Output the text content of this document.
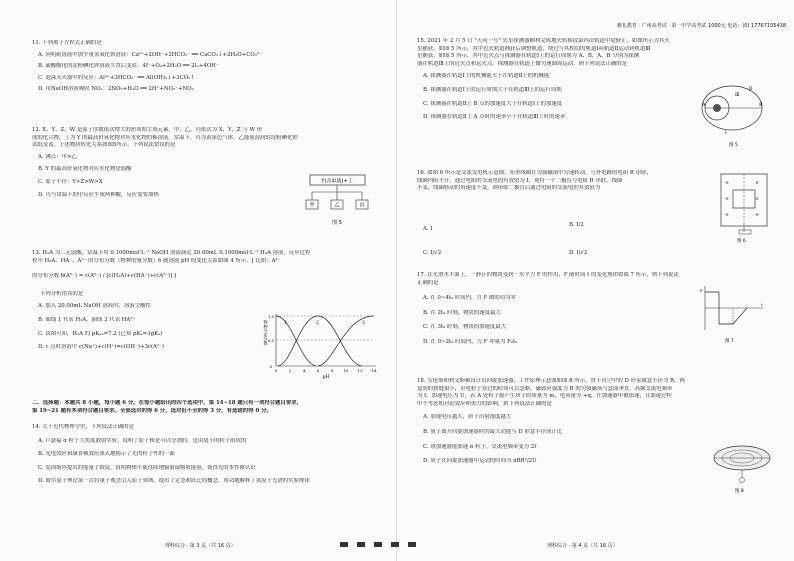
11. 下列离子方程式正确的是
A. 向明矾溶液中加少量氢氧化钡溶液：Ca²⁺+2OH⁻+2HCO₃⁻ ══ CaCO₃↓+2H₂O+CO₃²⁻
B. 硫酸酸化的淀粉碘化钾溶液久置后变蓝：4I⁻+O₂+2H₂O ══ 2I₂+4OH⁻
C. 泡沫灭火器中的反应：Al³⁺+3HCO₃⁻ ══ Al(OH)₃↓+3CO₂↑
D. 用NaOH溶液吸收 NO₂：2NO₂+H₂O ══ 2H⁺+NO₃⁻+NO₂
12. X、Y、Z、W 是原子序数依次增大的短周期主族元素，甲、乙、丙依次为 X、Y、Z 与 W 形
成的化合物，丁为 Y 的最高价氧化物对应水化物的稀溶液。常温下，丙为黄绿色气体，乙能使湿润的淀粉碘化钾
试纸变蓝。上述物质转化关系如图5所示，下列说法错误的是
A. 沸点：甲>乙
B. Y 的最高价氧化物对应水化物是弱酸
C. 原子半径：Y>Z>W>X
D. 丙与常温下的甲反应生成两种酸，反应需要加热
Y(含单质)+丁
甲	乙	丙
图 5
13. H₂A 为二元弱酸，常温下用 0.1000mol·L⁻¹ NaOH 溶液滴定 20.00mL 0.1000mol·L⁻¹ H₂A 溶液，反应过程
程中 H₂A、HA⁻、A²⁻ 的分布分数（物种的量分数）δ 随溶液 pH 的变化关系如图 4 所示。[ 比如：A²⁻
的分布分数 δ(A²⁻) = c(A²⁻) / [c(H₂A)+c(HA⁻)+c(A²⁻)] ]
下列分析错误的是
A. 加入 20.00mL NaOH 溶液时，溶液呈酸性
B. 曲线 1 代表 H₂A，曲线 3 代表 HA²⁻
C. 由图可知，H₂A 的 pKₐ₂=7.2 (已知 pKₐ=-lgKₐ)
D. c 点时溶液中 c(Na⁺)+c(H⁺)=c(OH⁻)+3c(A²⁻)
物种分布分数	1	2	3
0
0.5
1.0
0	2	4	6	8	10 12 14
pH
二、选择题：本题共 8 小题，每小题 6 分。在每小题给出的四个选项中，第 14~18 题只有一项符合题目要求，
第 19~21 题有多项符合题目要求。全部选对的得 6 分，选对但不全的得 3 分，有选错的得 0 分。
14. 关于近代物理学史，下列说法正确的是
A. 卢瑟福 α 粒子大角度散射实验，说明了原子核是可以分割的，是由更小的粒子组成的
B. 光电效应和康普顿效应深入地揭示了光的粒子性的一面
C. 爱因斯坦提出的能量子假说，说明物体不能连续地辐射或吸收能量，使得光的本性被认识
D. 玻尔原子理论第一次将量子观念引入原子领域，提出了定态和跃迁的概念，成功地解释了氢原子光谱的实验规律
理科综合 · 第 3 页（共 16 页）
雅礼教育 · 广州高考试 · 第一中学高考试 1000元 电话：(0) 17767105438
15. 2021 年 2 月 5 日 "天问一号" 火星探测器顺利完成地火转移段第四次轨道中途修正，如图所示为其火
星捕获、如图 5 所示，其中近火轨道捕获后调整轨道，绕过与其相切的轨道Ⅰ从轨道Ⅱ运动到轨道Ⅲ
星捕获。如图 5 所示，其中近火点与探测器在轨道Ⅰ上的运行周期为 A、B，A、B 分别为探测
器在轨道Ⅲ上的近火点和远火点。探测器在轨道上做匀速圆周运动，则下列说法正确的是
A. 探测器在轨道Ⅰ上的机械能大于在轨道Ⅱ上的机械能
B. 探测器在轨道Ⅰ上的运行周期大于在轨道Ⅲ上的运行周期
C. 探测器在轨道Ⅱ上 B 点的加速度大于在轨道Ⅰ上的加速度
D. 探测器在轨道Ⅱ上 A 点时的速率小于在轨道Ⅲ上时的速率
A	B
Ⅰ
Ⅱ
Ⅲ
图 5
16. 如图 6 所示是交流发电机示意图，矩形线圈在匀强磁场中匀速转动，与外电路的电阻 R 串联，
线圈内阻不计，通过电阻的交流电的有效值为 I，现将一个二极管与电阻 R 串联，线圈
不变，线圈转动的角速度不变，则串联二极管后通过电阻的交流电的有效值为
A. I
B. I/2
C. I/√2	D. I/√2
×	×
×	×
×	×
图 6
17. 在光滑水平面上，一静止的物块受到一水平力 F 的作用，F 随时间 t 的变化规律如图 7 所示，则下列说法
正确的是
A. 在 0~4t₀ 时间内，力 F 做的功为零
B. 在 2t₀ 时刻，物块的速度最大
C. 在 3t₀ 时刻，物块的加速度最大
D. 在 0~2t₀ 时间内，力 F 冲量为 F₀t₀
F
t
图 7
18. 劳伦斯和利文斯顿设计出回旋加速器，工作原理示意图如图 8 所示，置于真空中的 D 形金属盒半径为 R，两
盒间的狭缝很小，带电粒子穿过的时间可以忽略，磁感应强度为 B 的匀强磁场与盒面垂直，高频交流电频率
为 f，加速电压为 U，若 A 处粒子源产生质子的质量为 m、电荷量为 +q，在加速器中被加速，且加速过程
中不考虑相对论效应和重力的影响，则下列说法正确的是
A. 加速电压越大，质子出射速度越大
B. 质子离开回旋加速器时的最大动能与 D 形盒半径成正比
C. 该加速器能加速 α 粒子，交流电频率变为 2f
D. 质子在回旋加速器中运动的时间为 πBR²/2U
图 8
理科综合 · 第 4 页（共 16 页）
